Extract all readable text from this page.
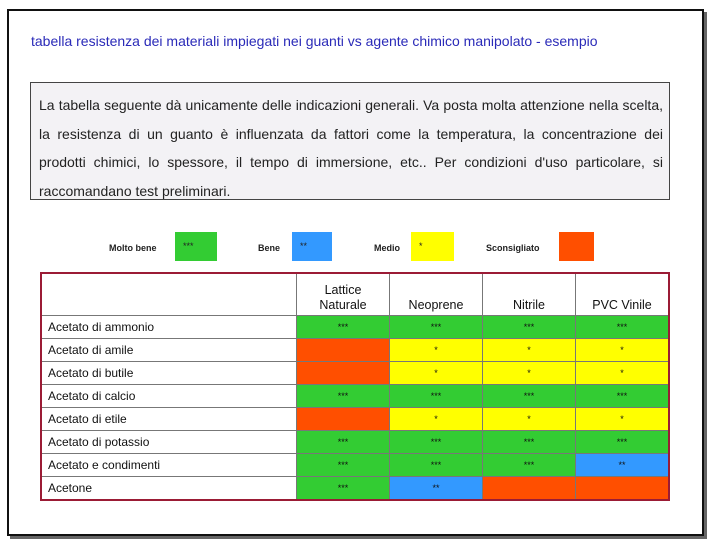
tabella resistenza dei materiali impiegati nei guanti vs agente chimico manipolato - esempio
La tabella seguente dà unicamente delle indicazioni generali. Va posta molta attenzione nella scelta, la resistenza di un guanto è influenzata da fattori come la temperatura, la concentrazione dei prodotti chimici, lo spessore, il tempo di immersione, etc.. Per condizioni d'uso particolare, si raccomandano test preliminari.
Molto bene	***	Bene	**	Medio	*	Sconsigliato
	Lattice Naturale	Neoprene	Nitrile	PVC Vinile
Acetato di ammonio	***	***	***	***
Acetato di amile		*	*	*
Acetato di butile		*	*	*
Acetato di calcio	***	***	***	***
Acetato di etile		*	*	*
Acetato di potassio	***	***	***	***
Acetato e condimenti	***	***	***	**
Acetone	***	**		
